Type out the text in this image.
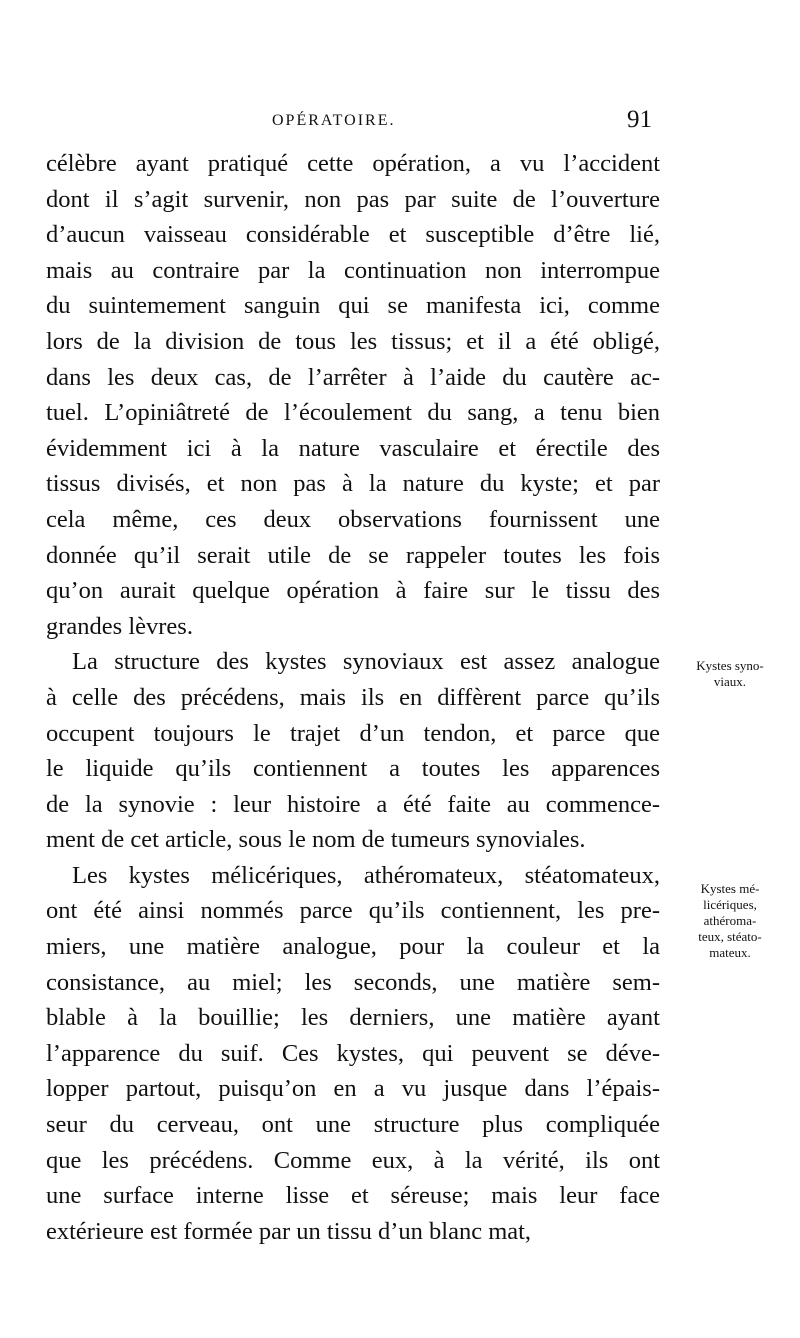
OPÉRATOIRE.	91
célèbre ayant pratiqué cette opération, a vu l’accident
dont il s’agit survenir, non pas par suite de l’ouverture
d’aucun vaisseau considérable et susceptible d’être lié,
mais au contraire par la continuation non interrompue
du suintemement sanguin qui se manifesta ici, comme
lors de la division de tous les tissus; et il a été obligé,
dans les deux cas, de l’arrêter à l’aide du cautère ac-
tuel. L’opiniâtreté de l’écoulement du sang, a tenu bien
évidemment ici à la nature vasculaire et érectile des
tissus divisés, et non pas à la nature du kyste; et par
cela même, ces deux observations fournissent une
donnée qu’il serait utile de se rappeler toutes les fois
qu’on aurait quelque opération à faire sur le tissu des
grandes lèvres.
La structure des kystes synoviaux est assez analogue
à celle des précédens, mais ils en diffèrent parce qu’ils
occupent toujours le trajet d’un tendon, et parce que
le liquide qu’ils contiennent a toutes les apparences
de la synovie : leur histoire a été faite au commence-
ment de cet article, sous le nom de tumeurs synoviales.
Les kystes mélicériques, athéromateux, stéatomateux,
ont été ainsi nommés parce qu’ils contiennent, les pre-
miers, une matière analogue, pour la couleur et la
consistance, au miel; les seconds, une matière sem-
blable à la bouillie; les derniers, une matière ayant
l’apparence du suif. Ces kystes, qui peuvent se déve-
lopper partout, puisqu’on en a vu jusque dans l’épais-
seur du cerveau, ont une structure plus compliquée
que les précédens. Comme eux, à la vérité, ils ont
une surface interne lisse et séreuse; mais leur face
extérieure est formée par un tissu d’un blanc mat,
Kystes syno-
viaux.
Kystes mé-
licériques,
athéroma-
teux, stéato-
mateux.
